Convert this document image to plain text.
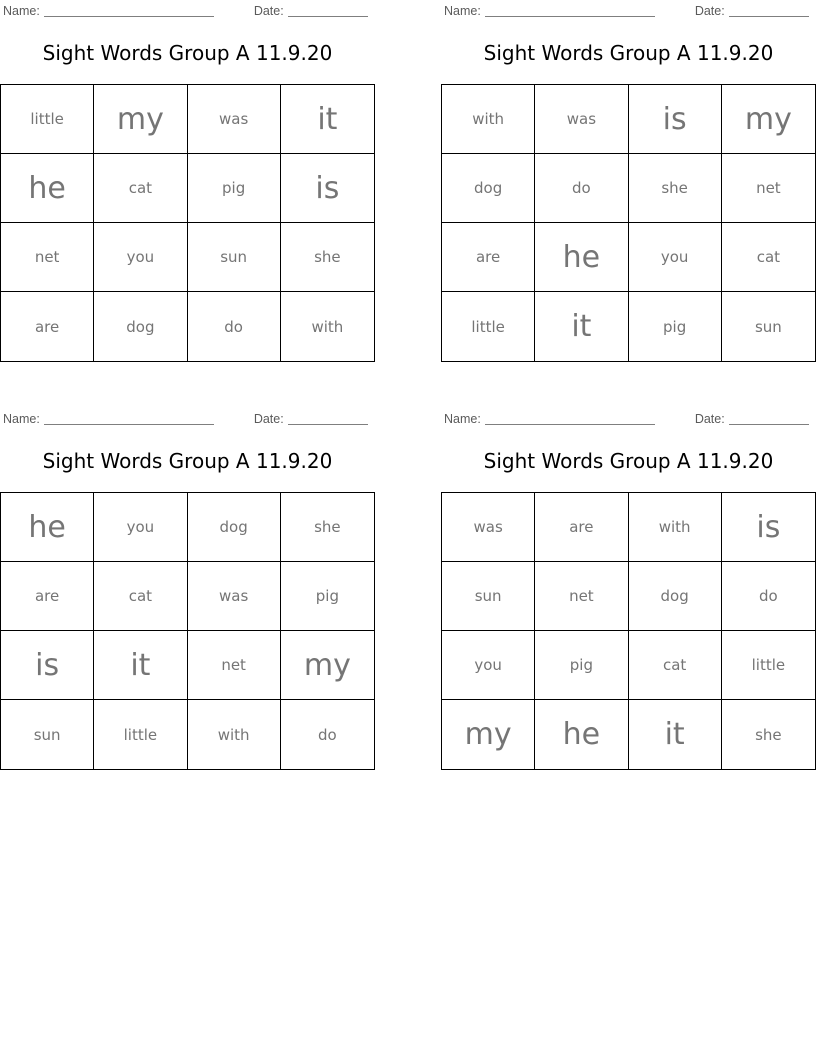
Name:	Date:
Sight Words Group A 11.9.20
little	my	was	it
he	cat	pig	is
net	you	sun	she
are	dog	do	with
Name:	Date:
Sight Words Group A 11.9.20
with	was	is	my
dog	do	she	net
are	he	you	cat
little	it	pig	sun
Name:	Date:
Sight Words Group A 11.9.20
he	you	dog	she
are	cat	was	pig
is	it	net	my
sun	little	with	do
Name:	Date:
Sight Words Group A 11.9.20
was	are	with	is
sun	net	dog	do
you	pig	cat	little
my	he	it	she
